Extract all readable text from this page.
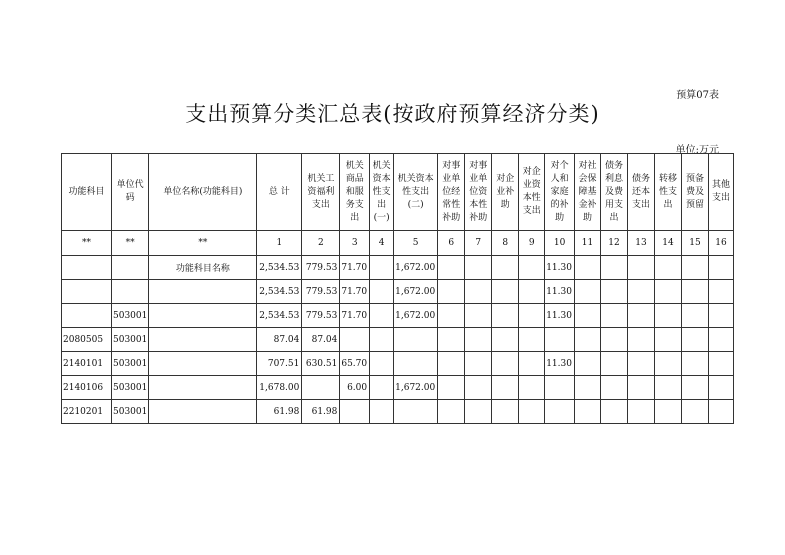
预算07表
支出预算分类汇总表(按政府预算经济分类)
单位:万元
功能科目	单位代码	单位名称(功能科目)	总 计	机关工资福利支出	机关商品和服务支出	机关资本性支出(一)	机关资本性支出(二)	对事业单位经常性补助	对事业单位资本性补助	对企业补助	对企业资本性支出	对个人和家庭的补助	对社会保障基金补助	债务利息及费用支出	债务还本支出	转移性支出	预备费及预留	其他支出
**	**	**	1	2	3	4	5	6	7	8	9	10	11	12	13	14	15	16
		功能科目名称	2,534.53	779.53	71.70		1,672.00					11.30						
			2,534.53	779.53	71.70		1,672.00					11.30						
	503001		2,534.53	779.53	71.70		1,672.00					11.30						
2080505	503001		87.04	87.04														
2140101	503001		707.51	630.51	65.70							11.30						
2140106	503001		1,678.00		6.00		1,672.00											
2210201	503001		61.98	61.98														
